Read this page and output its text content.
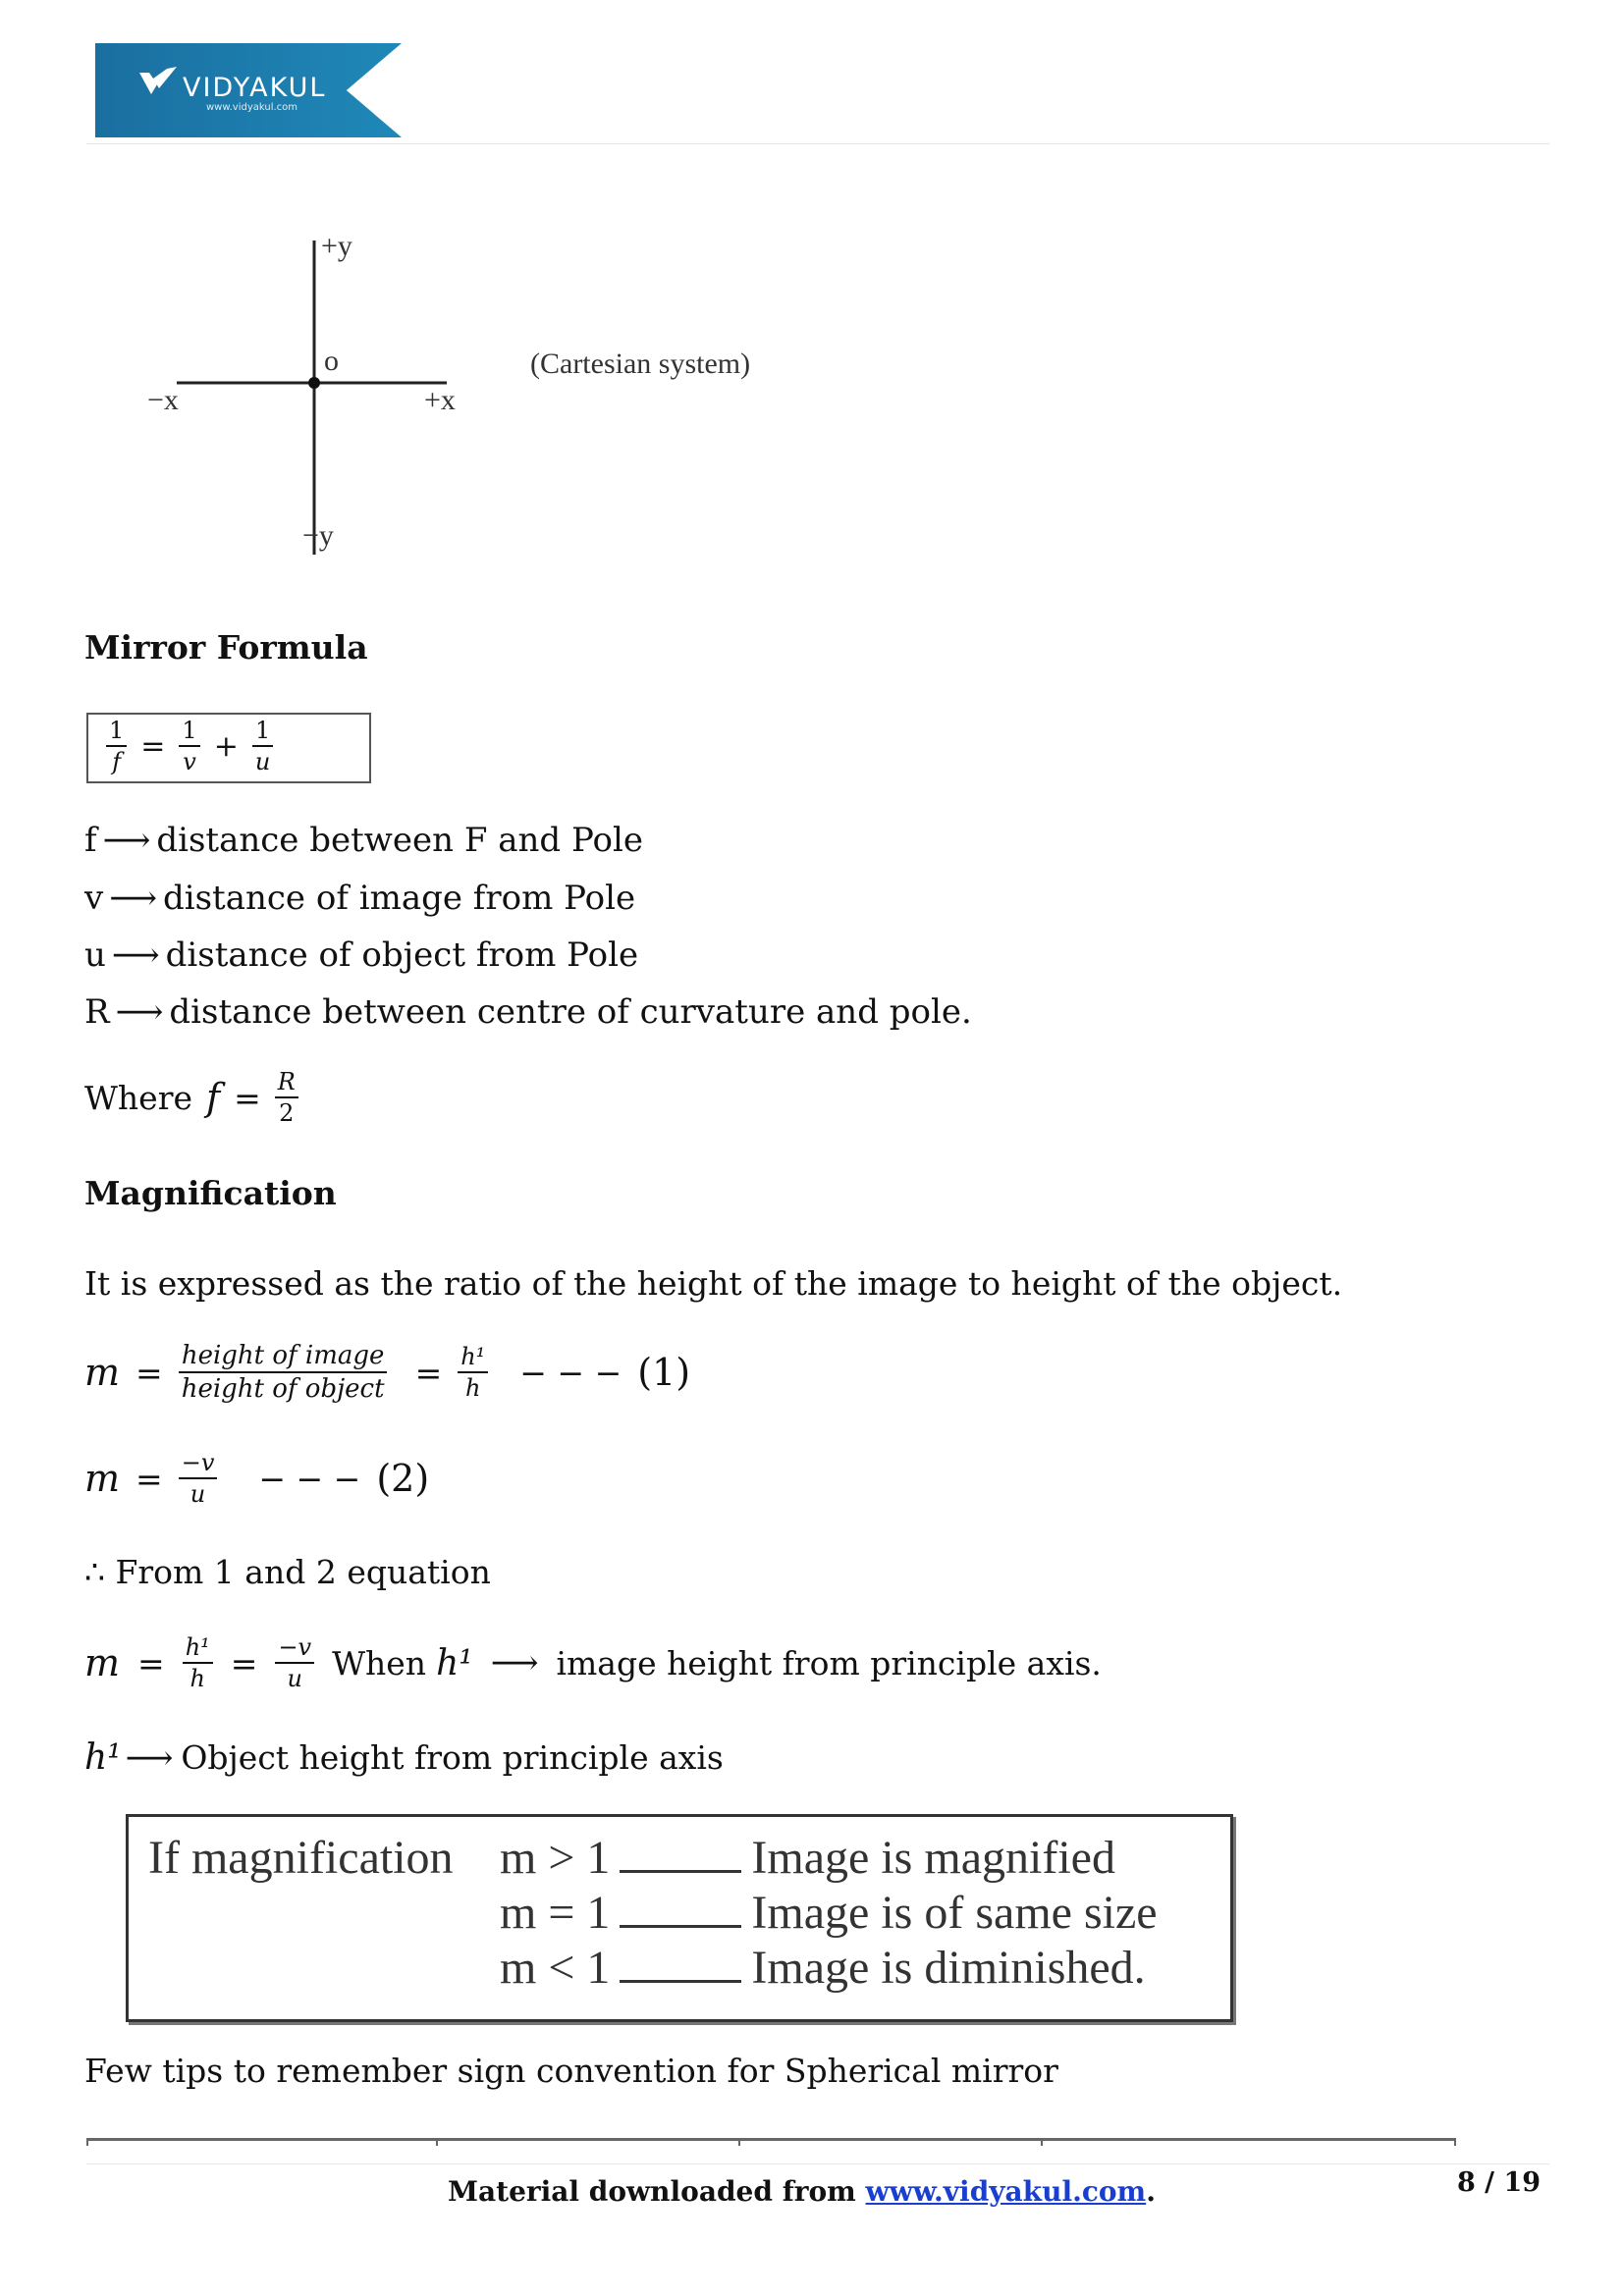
VIDYAKUL
www.vidyakul.com
+y
−y
+x
−x
o	(Cartesian system)
Mirror Formula
$\frac{1}{f} = \frac{1}{v} + \frac{1}{u}$
f ⟶ distance between F and Pole
v ⟶ distance of image from Pole
u ⟶ distance of object from Pole
R ⟶ distance between centre of curvature and pole.
Where $f = \frac{R}{2}$
Magnification
It is expressed as the ratio of the height of the image to height of the object.
$m = \frac{\text{height of image}}{\text{height of object}} = \frac{\text{h¹}}{h}$ − − − (1)
$m = \frac{-v}{u}$ − − − (2)
∴ From 1 and 2 equation
$m = \frac{\text{h¹}}{h} = \frac{-v}{u}$ When h¹ ⟶ image height from principle axis.
h¹ ⟶ Object height from principle axis
If magnification m > 1	Image is magnified
m = 1	Image is of same size
m < 1	Image is diminished.
Few tips to remember sign convention for Spherical mirror
Material downloaded from www.vidyakul.com.	8 / 19
